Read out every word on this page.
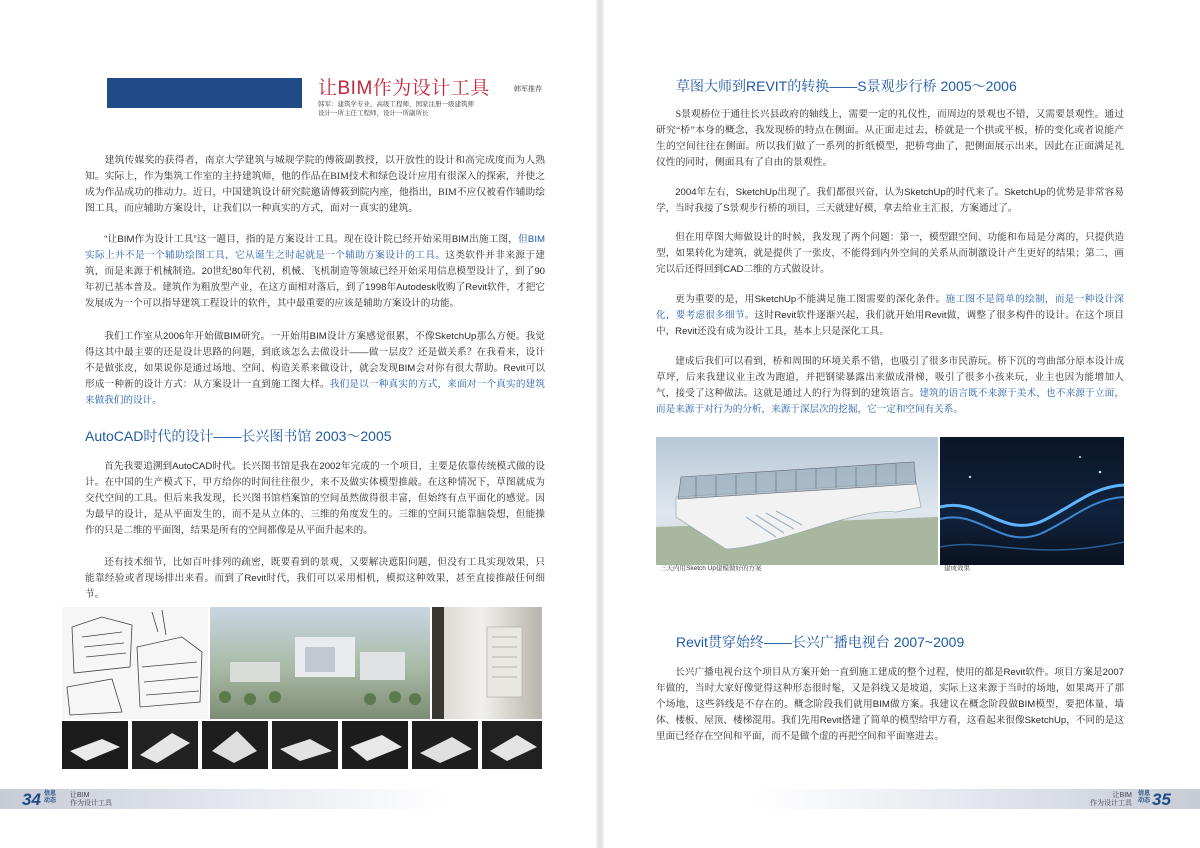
让BIM作为设计工具	韩军推荐
韩军：建筑学专业，高级工程师，国家注册一级建筑师
设计一所主任工程师，设计一所副所长

建筑传媒奖的获得者，南京大学建筑与城规学院的傅筱副教授，以开放性的设计和高完成度而为人熟知。实际上，作为集筑工作室的主持建筑师，他的作品在BIM技术和绿色设计应用有很深入的探索，并使之成为作品成功的推动力。近日，中国建筑设计研究院邀请傅筱到院内座，他指出，BIM不应仅被看作辅助绘图工具，而应辅助方案设计，让我们以一种真实的方式，面对一真实的建筑。

“让BIM作为设计工具”这一题目，指的是方案设计工具。现在设计院已经开始采用BIM出施工图，但BIM实际上并不是一个辅助绘图工具，它从诞生之时起就是一个辅助方案设计的工具。这类软件并非来源于建筑，而是来源于机械制造。20世纪80年代初，机械、飞机制造等领域已经开始采用信息模型设计了，到了90年初已基本普及。建筑作为粗放型产业，在这方面相对落后，到了1998年Autodesk收购了Revit软件，才把它发展成为一个可以指导建筑工程设计的软件，其中最重要的应该是辅助方案设计的功能。

我们工作室从2006年开始做BIM研究。一开始用BIM设计方案感觉很累，不像SketchUp那么方便。我觉得这其中最主要的还是设计思路的问题，到底该怎么去做设计——做一层皮？还是做关系？在我看来，设计不是做张皮，如果说你是通过场地、空间、构造关系来做设计，就会发现BIM会对你有很大帮助。Revit可以形成一种新的设计方式：从方案设计一直到施工图大样。我们是以一种真实的方式，来面对一个真实的建筑来做我们的设计。

AutoCAD时代的设计——长兴图书馆 2003～2005

首先我要追溯到AutoCAD时代。长兴图书馆是我在2002年完成的一个项目，主要是依靠传统模式做的设计。在中国的生产模式下，甲方给你的时间往往很少，来不及做实体模型推敲。在这种情况下，草图就成为交代空间的工具。但后来我发现，长兴图书馆档案馆的空间虽然做得很丰富，但始终有点平面化的感觉。因为最早的设计，是从平面发生的，而不是从立体的、三维的角度发生的。三维的空间只能靠脑袋想，但能操作的只是二维的平面图，结果是所有的空间都像是从平面升起来的。

还有技术细节，比如百叶排列的疏密，既要看到的景观，又要解决遮阳问题，但没有工具实现效果，只能靠经验或者现场排出来看。而到了Revit时代，我们可以采用相机，模拟这种效果，甚至直接推敲任何细节。

34 信息
动态
让BIM
作为设计工具
草图大师到REVIT的转换——S景观步行桥 2005～2006

S景观桥位于通往长兴县政府的轴线上，需要一定的礼仪性，而周边的景观也不错，又需要景观性。通过研究“桥”本身的概念，我发现桥的特点在侧面。从正面走过去，桥就是一个拱或平板，桥的变化或者说能产生的空间往往在侧面。所以我们做了一系列的折纸模型，把桥弯曲了，把侧面展示出来，因此在正面满足礼仪性的同时，侧面具有了自由的景观性。

2004年左右，SketchUp出现了。我们都很兴奋，认为SketchUp的时代来了。SketchUp的优势是非常容易学，当时我接了S景观步行桥的项目，三天就建好模，拿去给业主汇报，方案通过了。

但在用草图大师做设计的时候，我发现了两个问题：第一，模型跟空间、功能和布局是分离的，只提供造型，如果转化为建筑，就是提供了一张皮，不能得到内外空间的关系从而制激设计产生更好的结果；第二，画完以后还得回到CAD二维的方式做设计。

更为重要的是，用SketchUp不能满足施工图需要的深化条件。施工图不是简单的绘制，而是一种设计深化，要考虑很多细节。这时Revit软件逐渐兴起，我们就开始用Revit做，调整了很多构件的设计。在这个项目中，Revit还没有成为设计工具，基本上只是深化工具。

建成后我们可以看到，桥和周围的环境关系不错，也吸引了很多市民游玩。桥下沉的弯曲部分原本设计成草坪，后来我建议业主改为跑道，并把钢梁暴露出来做成滑梯，吸引了很多小孩来玩，业主也因为能增加人气，接受了这种做法。这就是通过人的行为得到的建筑语言。建筑的语言既不来源于美术，也不来源于立面，而是来源于对行为的分析，来源于深层次的挖掘，它一定和空间有关系。

三天内用Sketch Up建模做好的方案	建成效果
Revit贯穿始终——长兴广播电视台 2007~2009

长兴广播电视台这个项目从方案开始一直到施工建成的整个过程，使用的都是Revit软件。项目方案是2007年做的，当时大家好像觉得这种形态很时髦，又是斜线又是坡道，实际上这来源于当时的场地，如果离开了那个场地，这些斜线是不存在的。概念阶段我们就用BIM做方案。我建议在概念阶段做BIM模型，要把体量、墙体、楼板、屋顶、楼梯混用。我们先用Revit搭建了简单的模型给甲方看，这看起来很像SketchUp，不同的是这里面已经存在空间和平面，而不是做个虚的再把空间和平面塞进去。

让BIM
作为设计工具
信息
动态 35
